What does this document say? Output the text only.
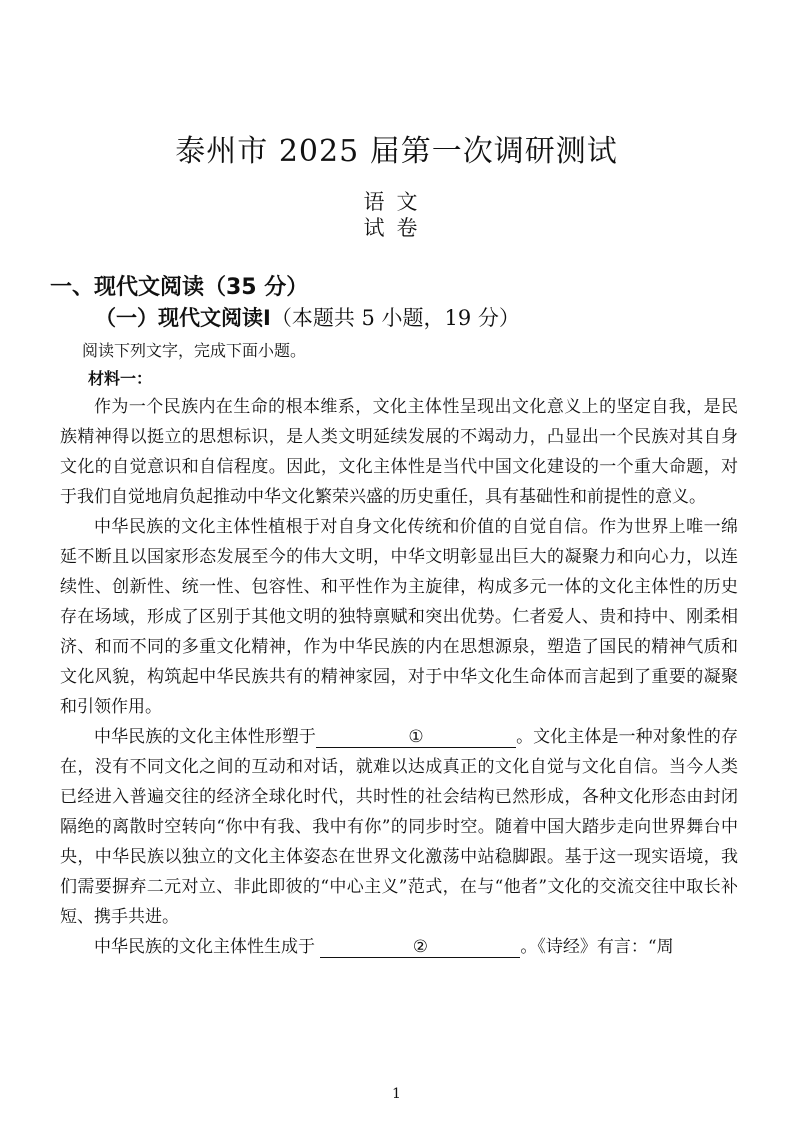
泰州市 2025 届第一次调研测试
语文
试卷
一、现代文阅读（35 分）
（一）现代文阅读Ⅰ（本题共 5 小题，19 分）
阅读下列文字，完成下面小题。
材料一：

作为一个民族内在生命的根本维系，文化主体性呈现出文化意义上的坚定自我，是民族精神得以挺立的思想标识，是人类文明延续发展的不竭动力，凸显出一个民族对其自身文化的自觉意识和自信程度。因此，文化主体性是当代中国文化建设的一个重大命题，对于我们自觉地肩负起推动中华文化繁荣兴盛的历史重任，具有基础性和前提性的意义。

中华民族的文化主体性植根于对自身文化传统和价值的自觉自信。作为世界上唯一绵延不断且以国家形态发展至今的伟大文明，中华文明彰显出巨大的凝聚力和向心力，以连续性、创新性、统一性、包容性、和平性作为主旋律，构成多元一体的文化主体性的历史存在场域，形成了区别于其他文明的独特禀赋和突出优势。仁者爱人、贵和持中、刚柔相济、和而不同的多重文化精神，作为中华民族的内在思想源泉，塑造了国民的精神气质和文化风貌，构筑起中华民族共有的精神家园，对于中华文化生命体而言起到了重要的凝聚和引领作用。

中华民族的文化主体性形塑于	①	。文化主体是一种对象性的存在，没有不同文化之间的互动和对话，就难以达成真正的文化自觉与文化自信。当今人类已经进入普遍交往的经济全球化时代，共时性的社会结构已然形成，各种文化形态由封闭隔绝的离散时空转向“你中有我、我中有你”的同步时空。随着中国大踏步走向世界舞台中央，中华民族以独立的文化主体姿态在世界文化激荡中站稳脚跟。基于这一现实语境，我们需要摒弃二元对立、非此即彼的“中心主义”范式，在与“他者”文化的交流交往中取长补短、携手共进。

中华民族的文化主体性生成于	②	。《诗经》有言：“周

1
